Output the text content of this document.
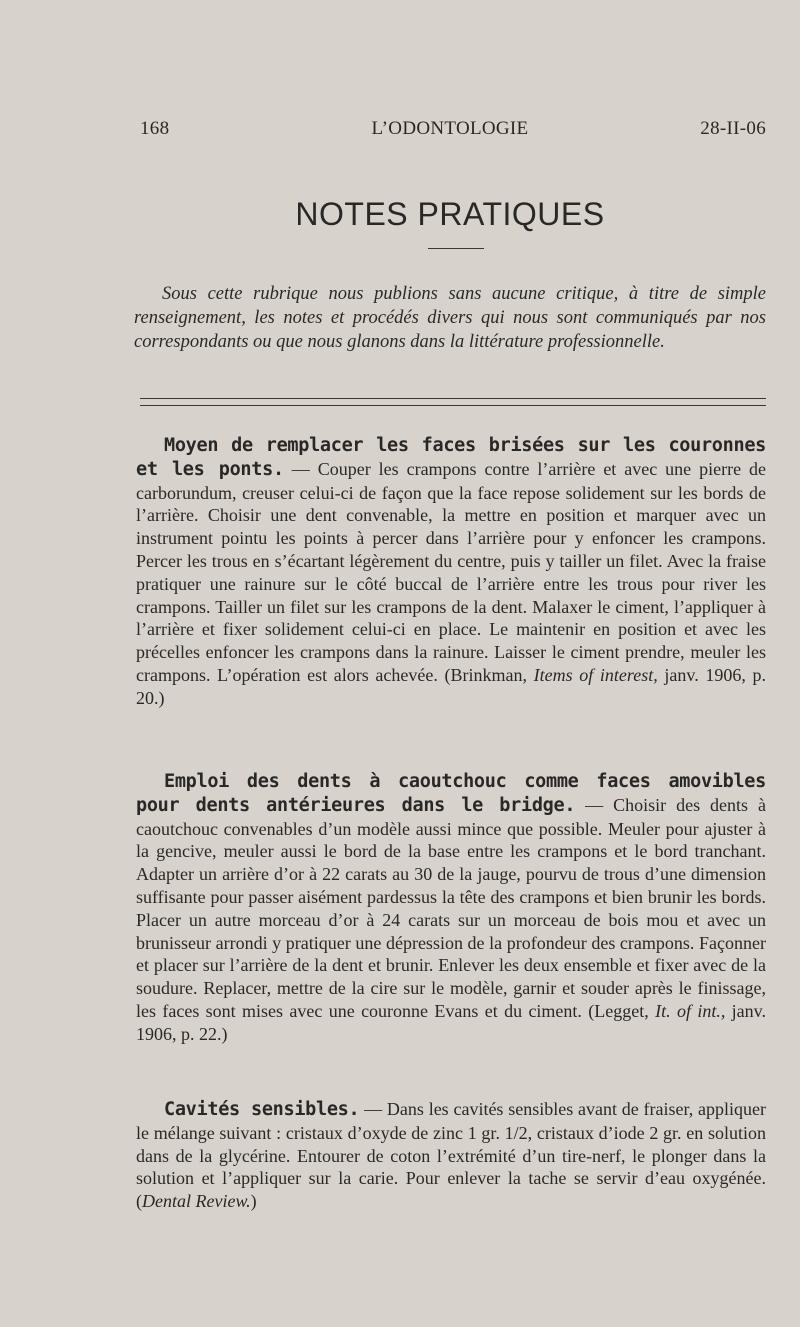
168	L’ODONTOLOGIE	28-II-06
NOTES PRATIQUES
Sous cette rubrique nous publions sans aucune critique, à titre de simple renseignement, les notes et procédés divers qui nous sont communiqués par nos correspondants ou que nous glanons dans la littérature professionnelle.

Moyen de remplacer les faces brisées sur les couronnes et les ponts. — Couper les crampons contre l’arrière et avec une pierre de carborundum, creuser celui-ci de façon que la face repose solidement sur les bords de l’arrière. Choisir une dent convenable, la mettre en position et marquer avec un instrument pointu les points à percer dans l’arrière pour y enfoncer les crampons. Percer les trous en s’écartant légèrement du centre, puis y tailler un filet. Avec la fraise pratiquer une rainure sur le côté buccal de l’arrière entre les trous pour river les crampons. Tailler un filet sur les crampons de la dent. Malaxer le ciment, l’appliquer à l’arrière et fixer solidement celui-ci en place. Le maintenir en position et avec les précelles enfoncer les crampons dans la rainure. Laisser le ciment prendre, meuler les crampons. L’opération est alors achevée. (Brinkman, Items of interest, janv. 1906, p. 20.)

Emploi des dents à caoutchouc comme faces amovibles pour dents antérieures dans le bridge. — Choisir des dents à caoutchouc convenables d’un modèle aussi mince que possible. Meuler pour ajuster à la gencive, meuler aussi le bord de la base entre les crampons et le bord tranchant. Adapter un arrière d’or à 22 carats au 30 de la jauge, pourvu de trous d’une dimension suffisante pour passer aisément pardessus la tête des crampons et bien brunir les bords. Placer un autre morceau d’or à 24 carats sur un morceau de bois mou et avec un brunisseur arrondi y pratiquer une dépression de la profondeur des crampons. Façonner et placer sur l’arrière de la dent et brunir. Enlever les deux ensemble et fixer avec de la soudure. Replacer, mettre de la cire sur le modèle, garnir et souder après le finissage, les faces sont mises avec une couronne Evans et du ciment. (Legget, It. of int., janv. 1906, p. 22.)

Cavités sensibles. — Dans les cavités sensibles avant de fraiser, appliquer le mélange suivant : cristaux d’oxyde de zinc 1 gr. 1/2, cristaux d’iode 2 gr. en solution dans de la glycérine. Entourer de coton l’extrémité d’un tire-nerf, le plonger dans la solution et l’appliquer sur la carie. Pour enlever la tache se servir d’eau oxygénée. (Dental Review.)
